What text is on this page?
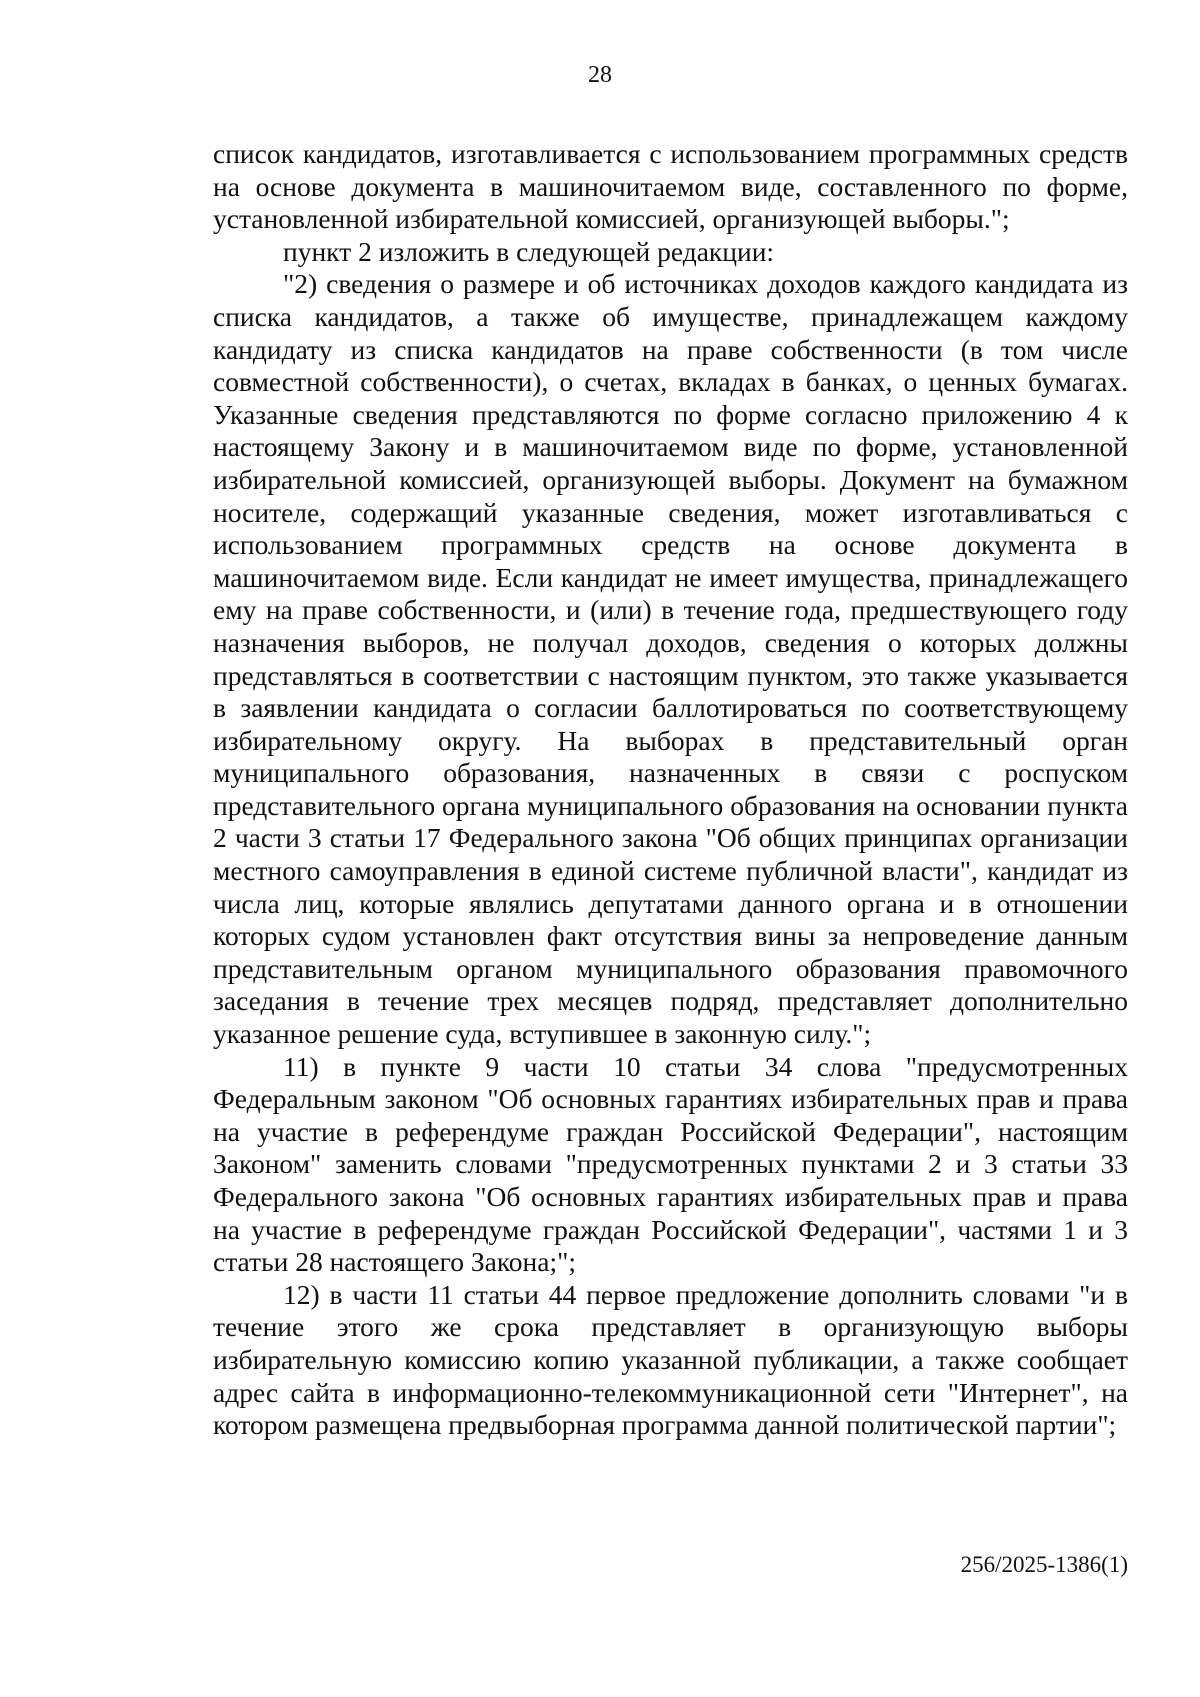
28

список кандидатов, изготавливается с использованием программных средств на основе документа в машиночитаемом виде, составленного по форме, установленной избирательной комиссией, организующей выборы.";

пункт 2 изложить в следующей редакции:

"2) сведения о размере и об источниках доходов каждого кандидата из списка кандидатов, а также об имуществе, принадлежащем каждому кандидату из списка кандидатов на праве собственности (в том числе совместной собственности), о счетах, вкладах в банках, о ценных бумагах. Указанные сведения представляются по форме согласно приложению 4 к настоящему Закону и в машиночитаемом виде по форме, установленной избирательной комиссией, организующей выборы. Документ на бумажном носителе, содержащий указанные сведения, может изготавливаться с использованием программных средств на основе документа в машиночитаемом виде. Если кандидат не имеет имущества, принадлежащего ему на праве собственности, и (или) в течение года, предшествующего году назначения выборов, не получал доходов, сведения о которых должны представляться в соответствии с настоящим пунктом, это также указывается в заявлении кандидата о согласии баллотироваться по соответствующему избирательному округу. На выборах в представительный орган муниципального образования, назначенных в связи с роспуском представительного органа муниципального образования на основании пункта 2 части 3 статьи 17 Федерального закона "Об общих принципах организации местного самоуправления в единой системе публичной власти", кандидат из числа лиц, которые являлись депутатами данного органа и в отношении которых судом установлен факт отсутствия вины за непроведение данным представительным органом муниципального образования правомочного заседания в течение трех месяцев подряд, представляет дополнительно указанное решение суда, вступившее в законную силу.";

11) в пункте 9 части 10 статьи 34 слова "предусмотренных Федеральным законом "Об основных гарантиях избирательных прав и права на участие в референдуме граждан Российской Федерации", настоящим Законом" заменить словами "предусмотренных пунктами 2 и 3 статьи 33 Федерального закона "Об основных гарантиях избирательных прав и права на участие в референдуме граждан Российской Федерации", частями 1 и 3 статьи 28 настоящего Закона;";

12) в части 11 статьи 44 первое предложение дополнить словами "и в течение этого же срока представляет в организующую выборы избирательную комиссию копию указанной публикации, а также сообщает адрес сайта в информационно-телекоммуникационной сети "Интернет", на котором размещена предвыборная программа данной политической партии";

256/2025-1386(1)
